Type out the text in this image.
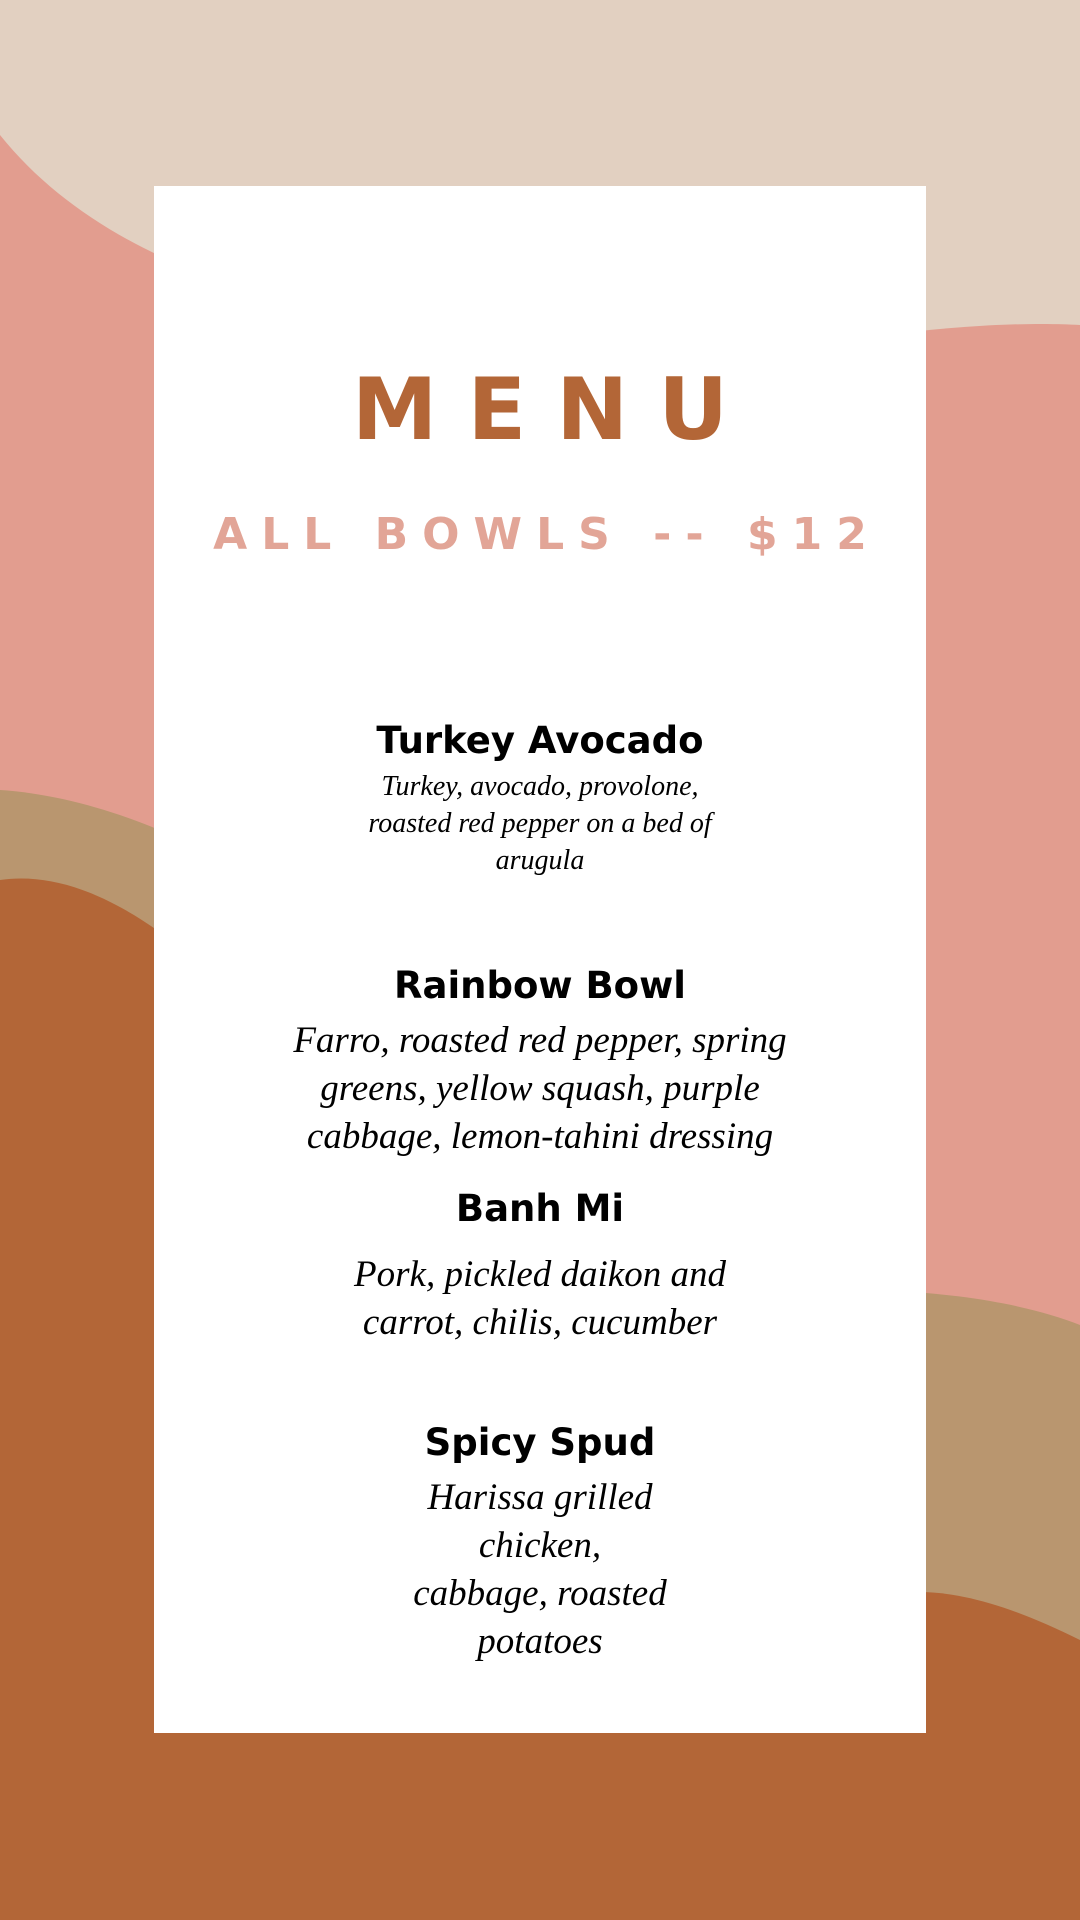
MENU
ALL BOWLS -- $12
Turkey Avocado
Turkey, avocado, provolone,
roasted red pepper on a bed of
arugula
Rainbow Bowl
Farro, roasted red pepper, spring
greens, yellow squash, purple
cabbage, lemon-tahini dressing
Banh Mi
Pork, pickled daikon and
carrot, chilis, cucumber
Spicy Spud
Harissa grilled
chicken,
cabbage, roasted
potatoes
